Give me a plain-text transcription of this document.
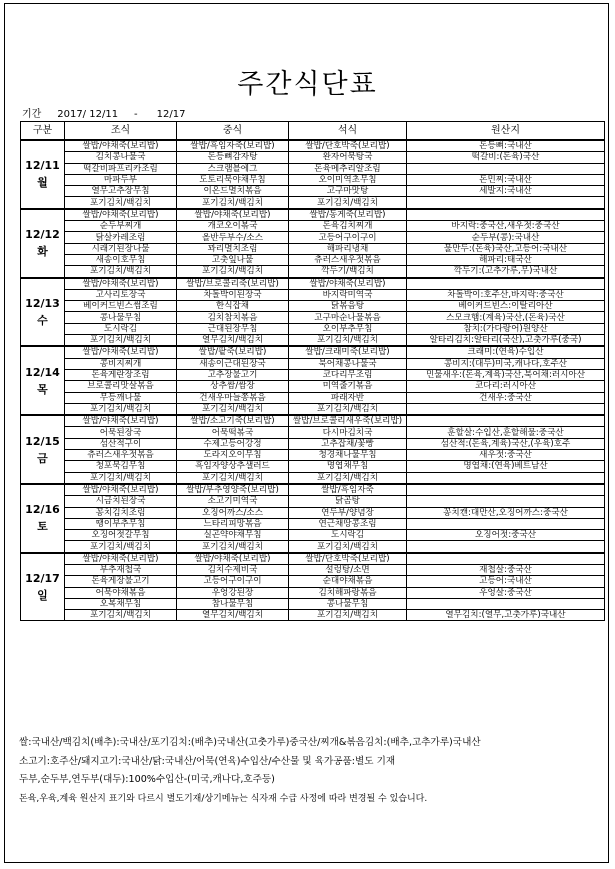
주간식단표
기간 2017/ 12/11 - 12/17
구분	조식	중식	석식	원산지

12/11
월	쌀밥/야채죽(보리밥)	쌀밥/흑임자죽(보리밥)	쌀밥/단호박죽(보리밥)	돈등뼈:국내산
	김치콩나물국	돈등뼈감자탕	완자어묵탕국	떡갈비:(돈육)국산
	떡갈비파프리카조림	스크램블에그	돈육메추리알조림	
	마파두부	도토리묵야채무침	오이미역초무침	돈민찌:국내산
	열무고추장무침	이온드멸치볶음	고구마맛탕	세발지:국내산
	포기김치/백김치	포기김치/백김치	포기김치/백김치	

12/12
화	쌀밥/야채죽(보리밥)	쌀밥/야채죽(보리밥)	쌀밥/동게죽(보리밥)	
	순두부찌개	개코오이볶국	돈육김치찌개	바지락:중국산,새우젓:중국산
	닭살카레조림	올반두부수/소스	고등어구이구이	순두부(콩):국내산
	시래기된장나물	꽈리멸치조림	해파리냉채	물만두:(돈육)국산,고등어:국내산
	새송이호무침	고춧잎나물	츄러스새우젓볶음	해파리:태국산
	포기김치/백김치	포기김치/백김치	깍두기/백김치	깍두기:(고추가루,무)국내산

12/13
수	쌀밥/야채죽(보리밥)	쌀밥/브로콜리죽(보리밥)	쌀밥/야채죽(보리밥)	
	고사리토장국	차돌박이된장국	바지락미역국	차돌박이:호주산,바지락:중국산
	베이커드빈스썸조림	한식잡채	닭볶음탕	베이커드빈스:이탈리아산
	콩나물무침	김치참치볶음	고구마순나물볶음	스모크햄:(계육)국산,(돈육)국산
	도시락김	근대된장무침	오이부추무침	참치:(가다랑어)원양산
	포기김치/백김치	열무김치/백김치	포기김치/백김치	알타리김치:알타리(국산),고춧가루(중국)

12/14
목	쌀밥/야채죽(보리밥)	쌀밥/팥죽(보리밥)	쌀밥/크래미죽(보리밥)	크래미:(연육)수입산
	콩비지찌개	새송이근대된장국	북어채콩나물국	콩비지:(대두)미국,캐나다,호주산
	돈육게란장조림	고추장불고기	코다리무조림	민물새우:(돈육,계육)국산,북어채:러시아산
	브로콜리맛살볶음	상추쌈/쌈장	미역줄기볶음	코다리:러시아산
	무등깨나물	건새우마늘쫑볶음	파래자반	건새우:중국산
	포기김치/백김치	포기김치/백김치	포기김치/백김치	

12/15
금	쌀밥/야채죽(보리밥)	쌀밥/소고기죽(보리밥)	쌀밥/브로콜리새우죽(보리밥)	
	어묵된장국	어묵떡볶국	다시마김치국	훈할살:수입산,훈할해물:중국산
	섬산적구이	수제고등어강정	고추잡채/꽃빵	섬산적:(돈육,계육)국산,(우육)호주
	츄러스새우젓볶음	도라지오이무침	청경채나물무침	새우젓:중국산
	청포묵김무침	흑임자양상추샐러드	명엽채무침	명엽채:(연육)베트남산
	포기김치/백김치	포기김치/백김치	포기김치/백김치	

12/16
토	쌀밥/야채죽(보리밥)	쌀밥/부추영양죽(보리밥)	쌀밥/흑임자죽	
	시금치된장국	소고기미역국	닭곰탕	
	꽁치김치조림	오징어까스/소스	연두부/양념장	꽁치캔:대만산,오징어까스:중국산
	땡이부추무침	느타리피망볶음	연근채땅콩조림	
	오징어젓갈무침	실곤약야채무침	도시락김	오징어젓:중국산
	포기김치/백김치	포기김치/백김치	포기김치/백김치	

12/17
일	쌀밥/야채죽(보리밥)	쌀밥/야채죽(보리밥)	쌀밥/단호박죽(보리밥)	
	부추재첩국	김치수제비국	설렁탕/소면	재첩살:중국산
	돈육게장불고기	고등어구이구이	순대야채볶음	고등어:국내산
	어묵야채볶음	우엉강된장	김치해파랑볶음	우엉살:중국산
	오복채무침	참나물무침	콩나물무침	
	포기김치/백김치	열무김치/백김치	포기김치/백김치	열무김치:(열무,고춧가루)국내산
쌀:국내산/백김치(배추):국내산/포기김치:(배추)국내산(고춧가루)중국산/찌개&볶음김치:(배추,고추가루)국내산
소고기:호주산/돼지고기:국내산/닭:국내산/어묵(연육)수입산/수산물 및 육가공품:별도 기재
두부,순두부,연두부(대두):100%수입산-(미국,캐나다,호주등)
돈육,우육,계육 원산지 표기와 다르시 별도기재/상기메뉴는 식자재 수급 사정에 따라 변경될 수 있습니다.
